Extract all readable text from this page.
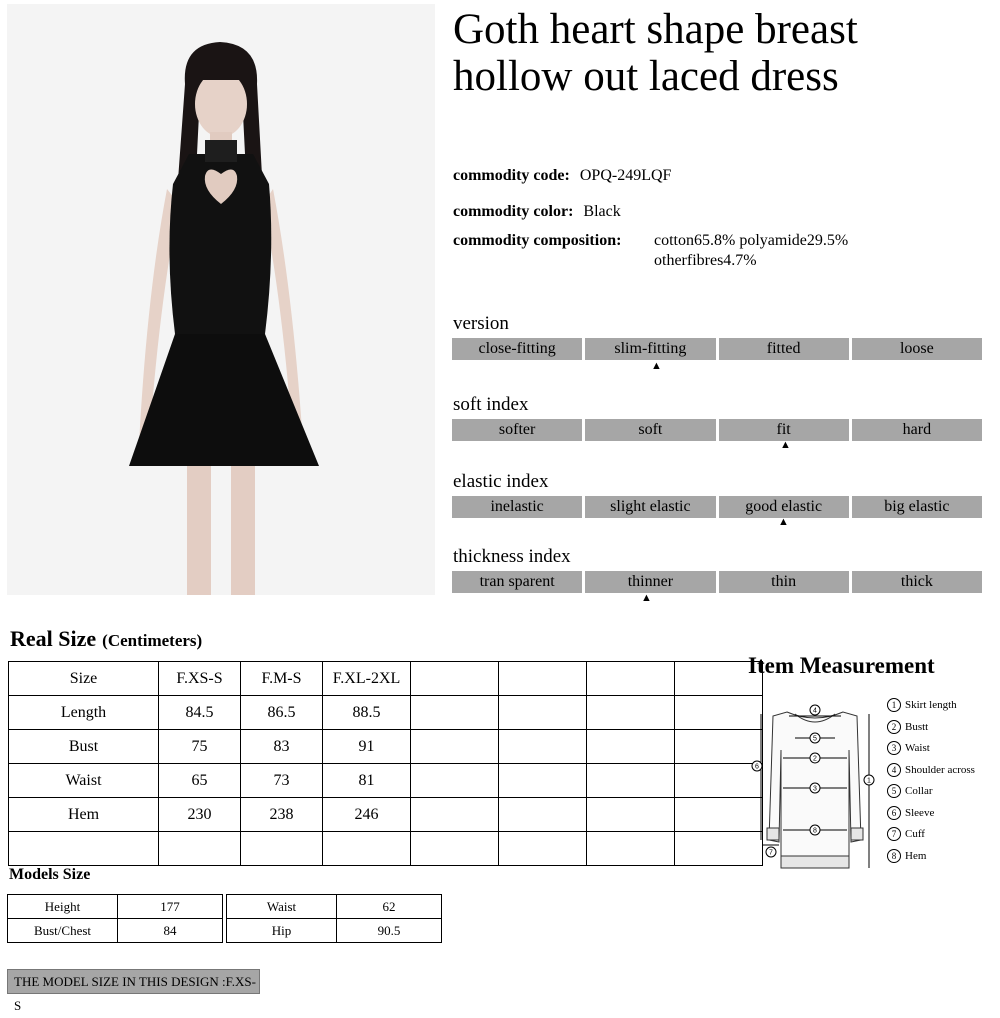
Goth heart shape breast
hollow out laced dress
commodity code: OPQ-249LQF
commodity color: Black
commodity composition: cotton65.8% polyamide29.5%
otherfibres4.7%
version
close-fitting	slim-fitting	fitted	loose
▲
soft index
softer	soft	fit	hard
▲
elastic index
inelastic	slight elastic	good elastic	big elastic
▲
thickness index
tran sparent	thinner	thin	thick
▲
Real Size (Centimeters)
Size	F.XS-S	F.M-S	F.XL-2XL				
Length	84.5	86.5	88.5				
Bust	75	83	91				
Waist	65	73	81				
Hem	230	238	246				

Models Size
Height	177
Bust/Chest	84
Waist	62
Hip	90.5
THE MODEL SIZE IN THIS DESIGN :F.XS-S
Item Measurement
4
5
2
3
8
1
6
7
1 Skirt length
2 Bustt
3 Waist
4 Shoulder across
5 Collar
6 Sleeve
7 Cuff
8 Hem
